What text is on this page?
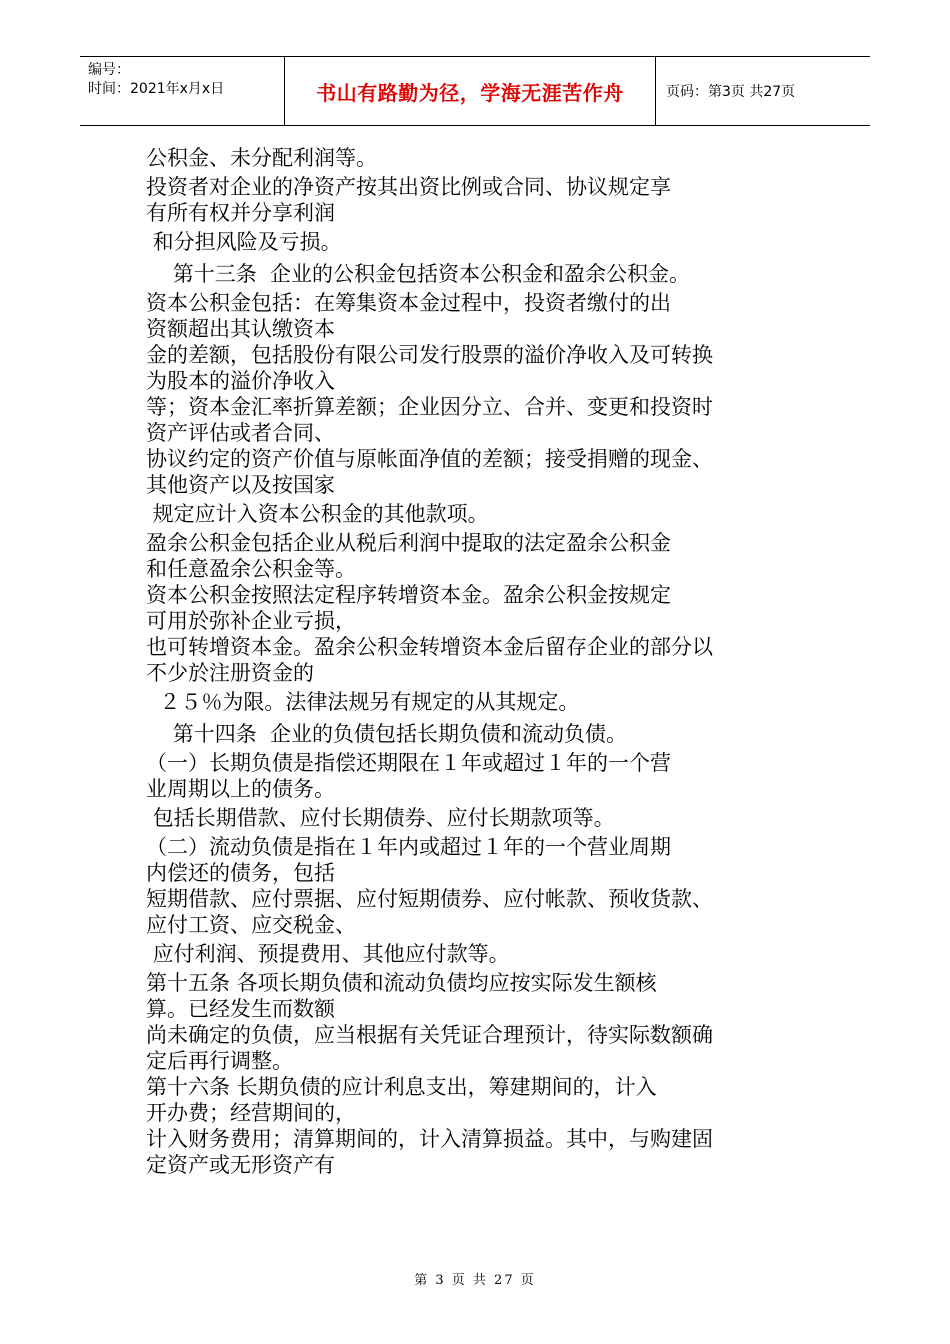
编号：
时间：2021年x月x日	书山有路勤为径，学海无涯苦作舟	页码：第3页 共27页
公积金、未分配利润等。
投资者对企业的净资产按其出资比例或合同、协议规定享
有所有权并分享利润
和分担风险及亏损。
第十三条  企业的公积金包括资本公积金和盈余公积金。
资本公积金包括：在筹集资本金过程中，投资者缴付的出
资额超出其认缴资本
金的差额，包括股份有限公司发行股票的溢价净收入及可转换
为股本的溢价净收入
等；资本金汇率折算差额；企业因分立、合并、变更和投资时
资产评估或者合同、
协议约定的资产价值与原帐面净值的差额；接受捐赠的现金、
其他资产以及按国家
规定应计入资本公积金的其他款项。
盈余公积金包括企业从税后利润中提取的法定盈余公积金
和任意盈余公积金等。
资本公积金按照法定程序转增资本金。盈余公积金按规定
可用於弥补企业亏损，
也可转增资本金。盈余公积金转增资本金后留存企业的部分以
不少於注册资金的
２５％为限。法律法规另有规定的从其规定。
第十四条  企业的负债包括长期负债和流动负债。
（一）长期负债是指偿还期限在１年或超过１年的一个营
业周期以上的债务。
包括长期借款、应付长期债券、应付长期款项等。
（二）流动负债是指在１年内或超过１年的一个营业周期
内偿还的债务，包括
短期借款、应付票据、应付短期债券、应付帐款、预收货款、
应付工资、应交税金、
应付利润、预提费用、其他应付款等。
第十五条 各项长期负债和流动负债均应按实际发生额核
算。已经发生而数额
尚未确定的负债，应当根据有关凭证合理预计，待实际数额确
定后再行调整。
第十六条 长期负债的应计利息支出，筹建期间的，计入
开办费；经营期间的，
计入财务费用；清算期间的，计入清算损益。其中，与购建固
定资产或无形资产有
第 3 页 共 27 页
